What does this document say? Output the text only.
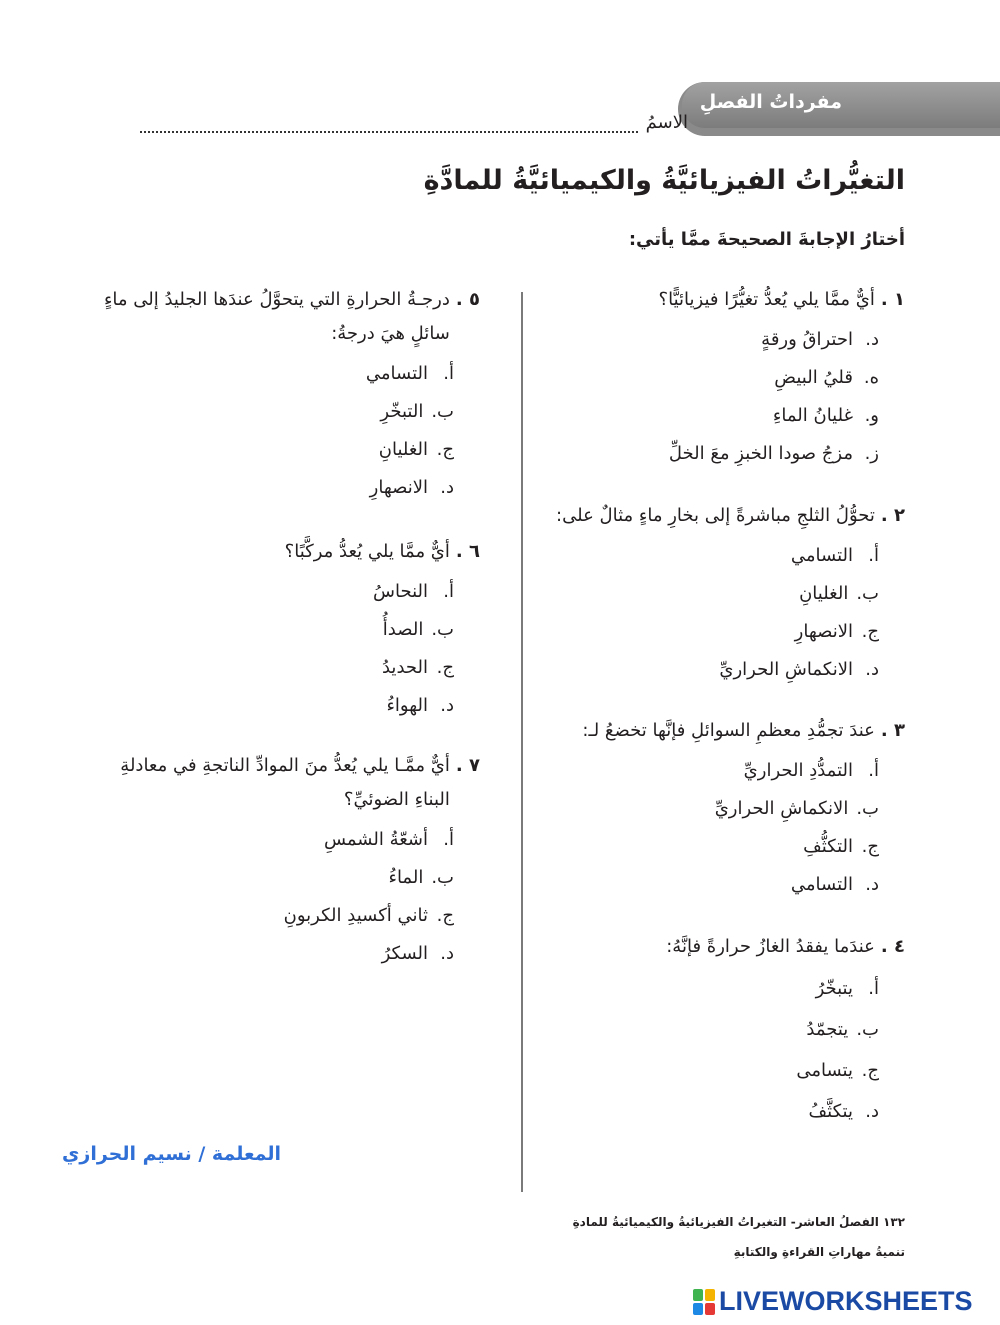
مفرداتُ الفصلِ
الاسمُ
التغيُّراتُ الفيزيائيَّةُ والكيميائيَّةُ للمادَّةِ
أختارُ الإجابةَ الصحيحةَ ممَّا يأتي:
١ .
أيٌّ ممَّا يلي يُعدُّ تغيُّرًا فيزيائيًّا؟
د.
احتراقُ ورقةٍ
ه.
قليُ البيضِ
و.
غليانُ الماءِ
ز.
مزجُ صودا الخبزِ معَ الخلِّ
٢ .
تحوُّلُ الثلجِ مباشرةً إلى بخارِ ماءٍ مثالٌ على:
أ.
التسامي
ب.
الغليانِ
ج.
الانصهارِ
د.
الانكماشِ الحراريِّ
٣ .
عندَ تجمُّدِ معظمِ السوائلِ فإنَّها تخضعُ لـ:
أ.
التمدُّدِ الحراريِّ
ب.
الانكماشِ الحراريِّ
ج.
التكثُّفِ
د.
التسامي
٤ .
عندَما يفقدُ الغازُ حرارةً فإنَّهُ:
أ.
يتبخّرُ
ب.
يتجمّدُ
ج.
يتسامى
د.
يتكثَّفُ
٥ .
درجـةُ الحرارةِ التي يتحوَّلُ عندَها الجليدُ إلى ماءٍ سائلٍ هيَ درجةُ:
أ.
التسامي
ب.
التبخّرِ
ج.
الغليانِ
د.
الانصهارِ
٦ .
أيٌّ ممَّا يلي يُعدُّ مركَّبًا؟
أ.
النحاسُ
ب.
الصدأُ
ج.
الحديدُ
د.
الهواءُ
٧ .
أيٌّ ممَّـا يلي يُعدُّ منَ الموادِّ الناتجةِ في معادلةِ البناءِ الضوئيِّ؟
أ.
أشعّةُ الشمسِ
ب.
الماءُ
ج.
ثاني أكسيدِ الكربونِ
د.
السكرُ
المعلمة / نسيم الحرازي
١٣٢ الفصلُ العاشر- التغيراتُ الفيزيائيةُ والكيميائيةُ للمادةِ
تنميةُ مهاراتِ القراءةِ والكتابةِ
LIVEWORKSHEETS
